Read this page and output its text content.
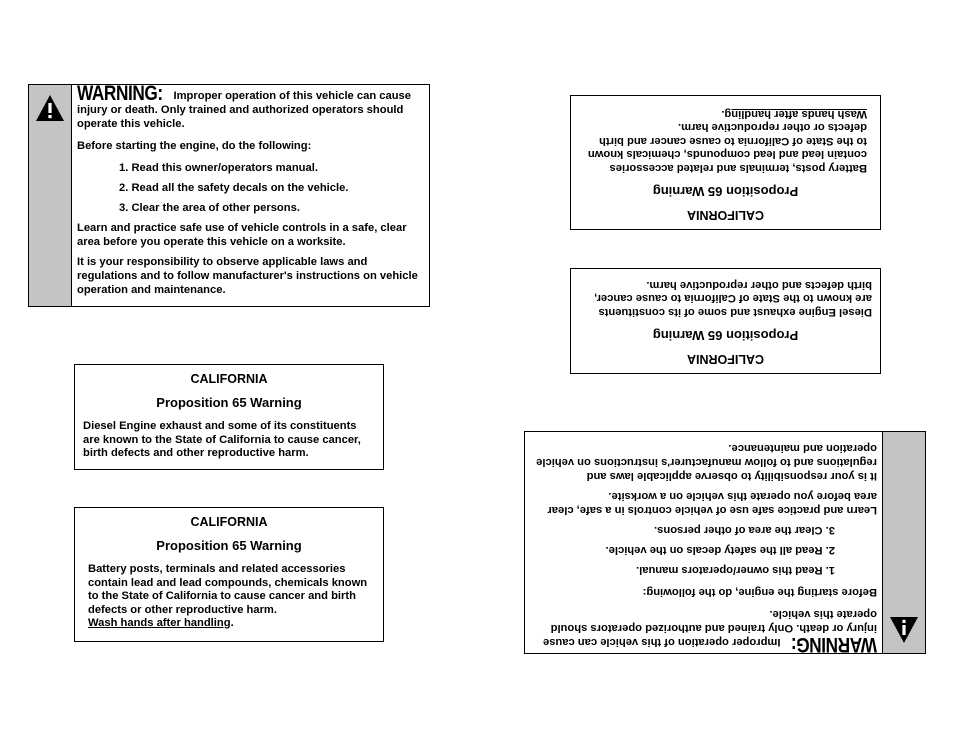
WARNING: Improper operation of this vehicle can cause injury or death. Only trained and authorized operators should operate this vehicle.

Before starting the engine, do the following:

1. Read this owner/operators manual.
2. Read all the safety decals on the vehicle.
3. Clear the area of other persons.

Learn and practice safe use of vehicle controls in a safe, clear area before you operate this vehicle on a worksite.

It is your responsibility to observe applicable laws and regulations and to follow manufacturer's instructions on vehicle operation and maintenance.

CALIFORNIA
Proposition 65 Warning
Diesel Engine exhaust and some of its constituents are known to the State of California to cause cancer, birth defects and other reproductive harm.
CALIFORNIA
Proposition 65 Warning
Battery posts, terminals and related accessories contain lead and lead compounds, chemicals known to the State of California to cause cancer and birth defects or other reproductive harm.
Wash hands after handling.
CALIFORNIA
Proposition 65 Warning
Battery posts, terminals and related accessories contain lead and lead compounds, chemicals known to the State of California to cause cancer and birth defects or other reproductive harm.
Wash hands after handling.
CALIFORNIA
Proposition 65 Warning
Diesel Engine exhaust and some of its constituents are known to the State of California to cause cancer, birth defects and other reproductive harm.

WARNING:Improper operation of this vehicle can cause injury or death. Only trained and authorized operators should operate this vehicle.

Before starting the engine, do the following:

1. Read this owner/operators manual.
2. Read all the safety decals on the vehicle.
3. Clear the area of other persons.

Learn and practice safe use of vehicle controls in a safe, clear area before you operate this vehicle on a worksite.

It is your responsibility to observe applicable laws and regulations and to follow manufacturer's instructions on vehicle operation and maintenance.
